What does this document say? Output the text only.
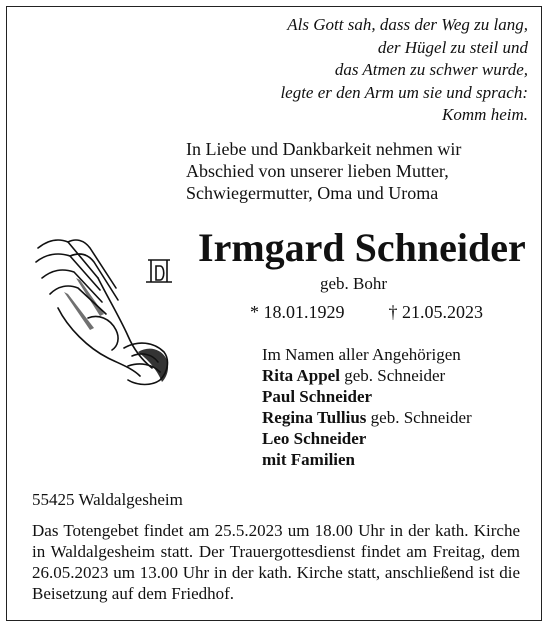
Als Gott sah, dass der Weg zu lang,
der Hügel zu steil und
das Atmen zu schwer wurde,
legte er den Arm um sie und sprach:
Komm heim.
In Liebe und Dankbarkeit nehmen wir
Abschied von unserer lieben Mutter,
Schwiegermutter, Oma und Uroma
Irmgard Schneider
geb. Bohr
* 18.01.1929 † 21.05.2023
Im Namen aller Angehörigen
Rita Appel geb. Schneider
Paul Schneider
Regina Tullius geb. Schneider
Leo Schneider
mit Familien
55425 Waldalgesheim
Das Totengebet findet am 25.5.2023 um 18.00 Uhr in der kath. Kirche in Waldalgesheim statt. Der Trauergottesdienst findet am Freitag, dem 26.05.2023 um 13.00 Uhr in der kath. Kirche statt, anschließend ist die Beisetzung auf dem Friedhof.
